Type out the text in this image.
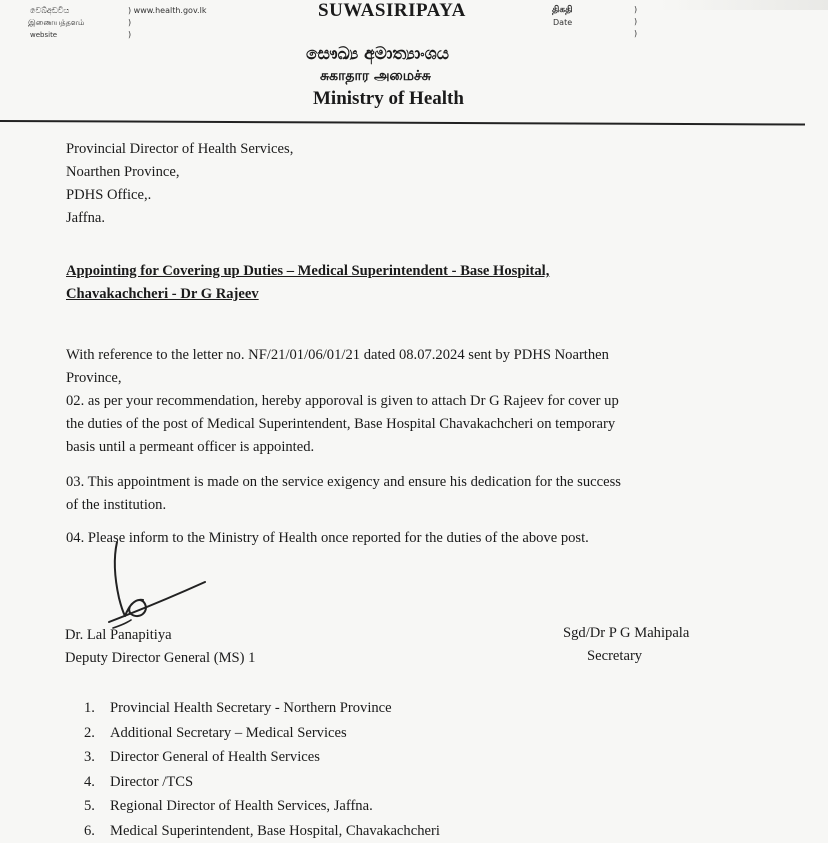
වෙබ්අඩවිය
இணையத்தளம்
website
) www.health.gov.lk
)
)
SUWASIRIPAYA	திகதி
Date
)
)
)
සෞඛ්‍ය අමාත්‍යාංශය
சுகாதார அமைச்சு
Ministry of Health
Provincial Director of Health Services,
Noarthen Province,
PDHS Office,.
Jaffna.
Appointing for Covering up Duties – Medical Superintendent - Base Hospital,
Chavakachcheri - Dr G Rajeev
With reference to the letter no. NF/21/01/06/01/21 dated 08.07.2024 sent by PDHS Noarthen
Province,
02. as per your recommendation, hereby apporoval is given to attach Dr G Rajeev for cover up
the duties of the post of Medical Superintendent, Base Hospital Chavakachcheri on temporary
basis until a permeant officer is appointed.
03. This appointment is made on the service exigency and ensure his dedication for the success
of the institution.
04. Please inform to the Ministry of Health once reported for the duties of the above post.
Dr. Lal Panapitiya
Deputy Director General (MS) 1
Sgd/Dr P G Mahipala
Secretary
1. Provincial Health Secretary - Northern Province
2. Additional Secretary – Medical Services
3. Director General of Health Services
4. Director /TCS
5. Regional Director of Health Services, Jaffna.
6. Medical Superintendent, Base Hospital, Chavakachcheri
